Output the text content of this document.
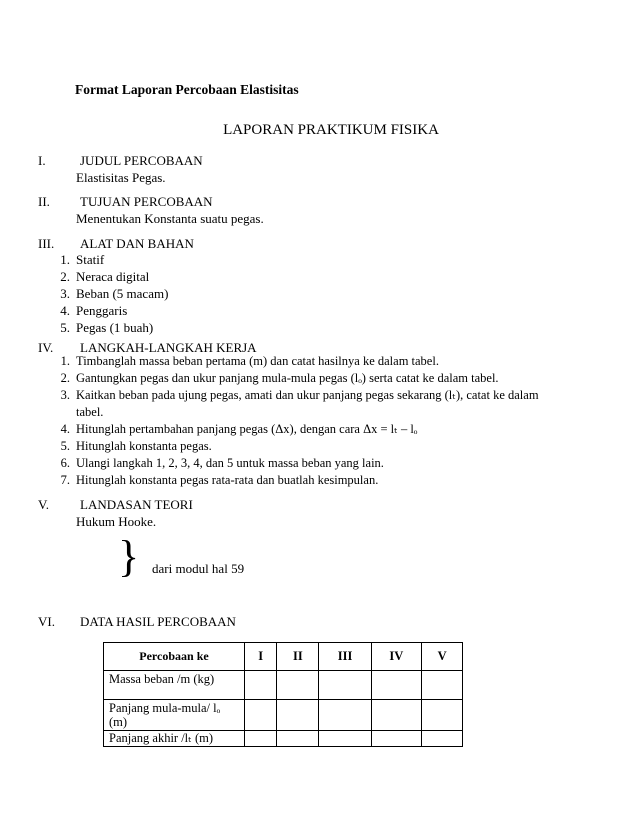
Format Laporan Percobaan Elastisitas
LAPORAN PRAKTIKUM FISIKA
I.	JUDUL PERCOBAAN
Elastisitas Pegas.
II. TUJUAN PERCOBAAN
Menentukan Konstanta suatu pegas.
III. ALAT DAN BAHAN
1. Statif
2. Neraca digital
3. Beban (5 macam)
4. Penggaris
5. Pegas (1 buah)
IV. LANGKAH-LANGKAH KERJA
1. Timbanglah massa beban pertama (m) dan catat hasilnya ke dalam tabel.
2. Gantungkan pegas dan ukur panjang mula-mula pegas (lₒ) serta catat ke dalam tabel.
3. Kaitkan beban pada ujung pegas, amati dan ukur panjang pegas sekarang (lₜ), catat ke dalam
tabel.
4. Hitunglah pertambahan panjang pegas (Δx), dengan cara Δx = lₜ – lₒ
5. Hitunglah konstanta pegas.
6. Ulangi langkah 1, 2, 3, 4, dan 5 untuk massa beban yang lain.
7. Hitunglah konstanta pegas rata-rata dan buatlah kesimpulan.
V. LANDASAN TEORI
Hukum Hooke.
} dari modul hal 59
VI. DATA HASIL PERCOBAAN
Percobaan ke	I	II	III	IV	V
Massa beban /m (kg)					
Panjang mula-mula/ lₒ
(m)					
Panjang akhir /lₜ (m)					
